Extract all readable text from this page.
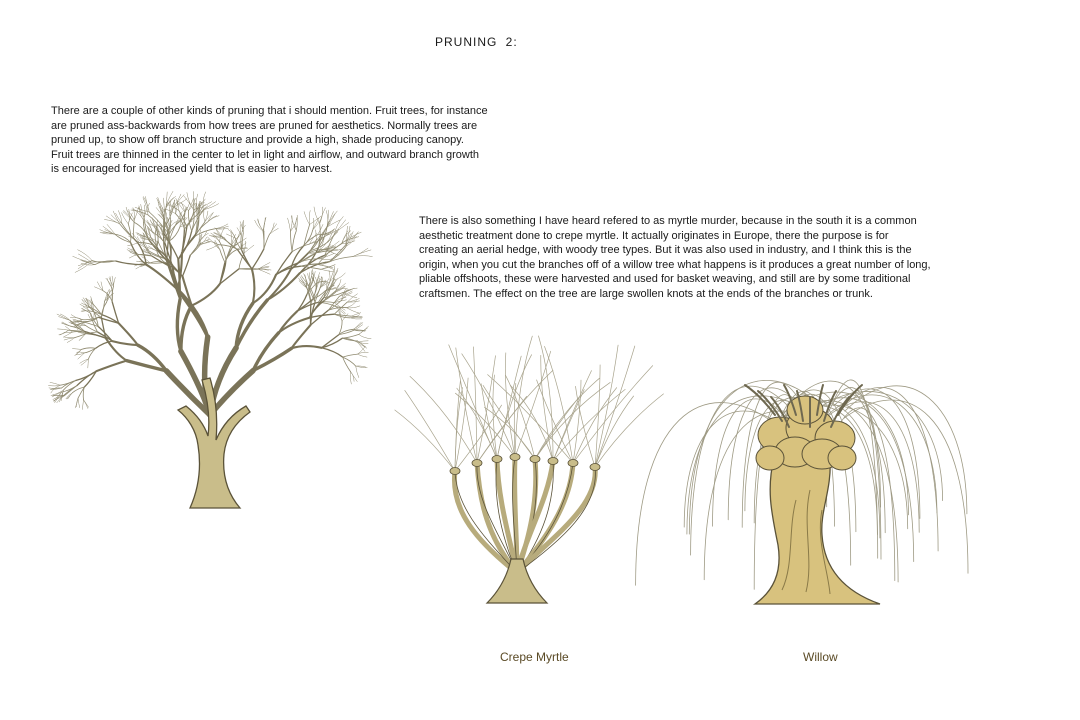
PRUNING 2:
There are a couple of other kinds of pruning that i should mention. Fruit trees, for instance
are pruned ass-backwards from how trees are pruned for aesthetics. Normally trees are
pruned up, to show off branch structure and provide a high, shade producing canopy.
Fruit trees are thinned in the center to let in light and airflow, and outward branch growth
is encouraged for increased yield that is easier to harvest.
There is also something I have heard refered to as myrtle murder, because in the south it is a common
aesthetic treatment done to crepe myrtle. It actually originates in Europe, there the purpose is for
creating an aerial hedge, with woody tree types. But it was also used in industry, and I think this is the
origin, when you cut the branches off of a willow tree what happens is it produces a great number of long,
pliable offshoots, these were harvested and used for basket weaving, and still are by some traditional
craftsmen. The effect on the tree are large swollen knots at the ends of the branches or trunk.
Crepe Myrtle	Willow
